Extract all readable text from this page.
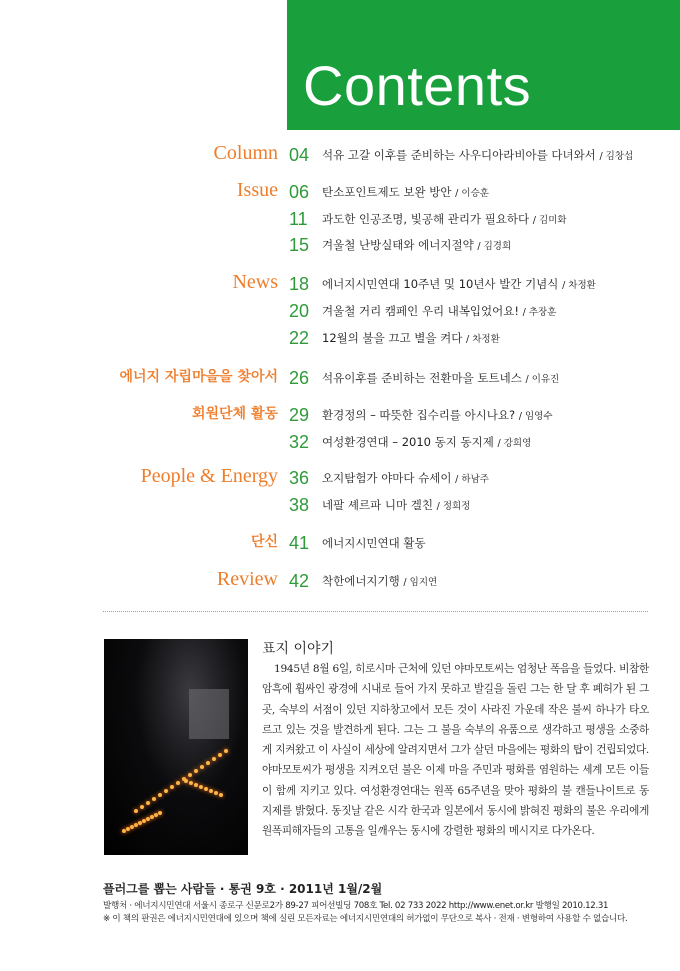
Contents
Column 04 석유 고갈 이후를 준비하는 사우디아라비아를 다녀와서 / 김창섭
Issue 06 탄소포인트제도 보완 방안 / 이승훈
11 과도한 인공조명, 빛공해 관리가 필요하다 / 김미화
15 겨울철 난방실태와 에너지절약 / 김경희
News 18 에너지시민연대 10주년 및 10년사 발간 기념식 / 차정환
20 겨울철 거리 캠페인 우리 내복입었어요! / 추장훈
22 12월의 불을 끄고 별을 켜다 / 차정환
에너지 자립마을을 찾아서 26 석유이후를 준비하는 전환마을 토트네스 / 이유진
회원단체 활동 29 환경정의 – 따뜻한 집수리를 아시나요? / 임영수
32 여성환경연대 – 2010 동지 동지제 / 강희영
People & Energy 36 오지탐험가 야마다 슈세이 / 하남주
38 네팔 셰르파 니마 겔친 / 정희정
단신 41 에너지시민연대 활동
Review 42 착한에너지기행 / 임지연
표지 이야기
1945년 8월 6일, 히로시마 근처에 있던 야마모토씨는 엄청난 폭음을 들었다. 비참한 암흑에 휩싸인 광경에 시내로 들어 가지 못하고 발길을 돌린 그는 한 달 후 폐허가 된 그곳, 숙부의 서점이 있던 지하창고에서 모든 것이 사라진 가운데 작은 불씨 하나가 타오르고 있는 것을 발견하게 된다. 그는 그 불을 숙부의 유품으로 생각하고 평생을 소중하게 지켜왔고 이 사실이 세상에 알려지면서 그가 살던 마을에는 평화의 탑이 건립되었다. 야마모토씨가 평생을 지켜오던 불은 이제 마을 주민과 평화를 염원하는 세계 모든 이들이 함께 지키고 있다. 여성환경연대는 원폭 65주년을 맞아 평화의 불 캔들나이트로 동지제를 밝혔다. 동짓날 같은 시각 한국과 일본에서 동시에 밝혀진 평화의 불은 우리에게 원폭피해자들의 고통을 일깨우는 동시에 강렬한 평화의 메시지로 다가온다.
플러그를 뽑는 사람들 · 통권 9호 · 2011년 1월/2월
발행처 · 에너지시민연대 서울시 종로구 신문로2가 89-27 피어선빌딩 708호 Tel. 02 733 2022 http://www.enet.or.kr 발행일 2010.12.31
※ 이 책의 판권은 에너지시민연대에 있으며 책에 실린 모든자료는 에너지시민연대의 허가없이 무단으로 복사 · 전재 · 변형하여 사용할 수 없습니다.
